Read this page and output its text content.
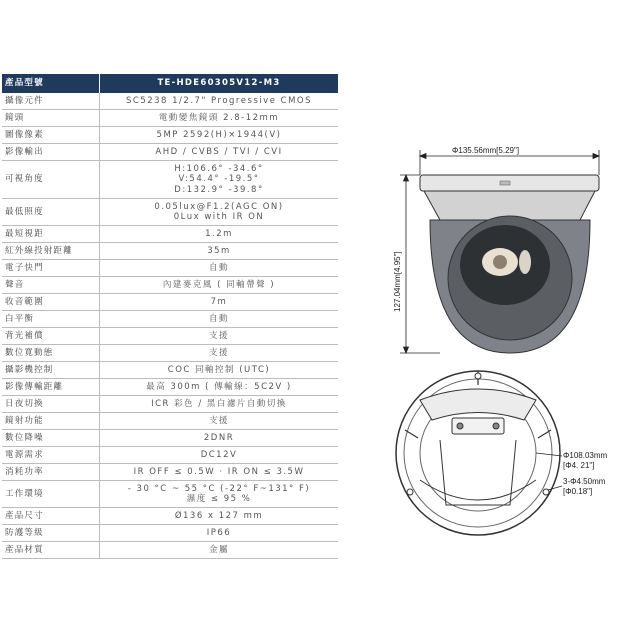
產品型號	TE-HDE60305V12-M3
攝像元件	SC5238 1/2.7" Progressive CMOS
鏡頭	電動變焦鏡頭 2.8-12mm
圖像像素	5MP 2592(H)×1944(V)
影像輸出	AHD / CVBS / TVI / CVI
可視角度	H:106.6° -34.6°
V:54.4° -19.5°
D:132.9° -39.8°
最低照度	0.05lux@F1.2(AGC ON)
0Lux with IR ON
最短視距	1.2m
紅外線投射距離	35m
電子快門	自動
聲音	內建麥克風 ( 同軸帶聲 )
收音範圍	7m
白平衡	自動
背光補償	支援
數位寬動態	支援
攝影機控制	COC 同軸控制 (UTC)
影像傳輸距離	最高 300m ( 傳輸線：5C2V )
日夜切換	ICR 彩色 / 黑白濾片自動切換
鏡射功能	支援
數位降噪	2DNR
電源需求	DC12V
消耗功率	IR OFF ≤ 0.5W · IR ON ≤ 3.5W
工作環境	- 30 °C ~ 55 °C (-22° F~131° F)
濕度 ≤ 95 %
產品尺寸	Ø136 x 127 mm
防護等級	IP66
產品材質	金屬
Φ135.56mm[5.29"]
127.04mm[4.95"]
Φ108.03mm
[Φ4. 21"]
3-Φ4.50mm
[Φ0.18"]
